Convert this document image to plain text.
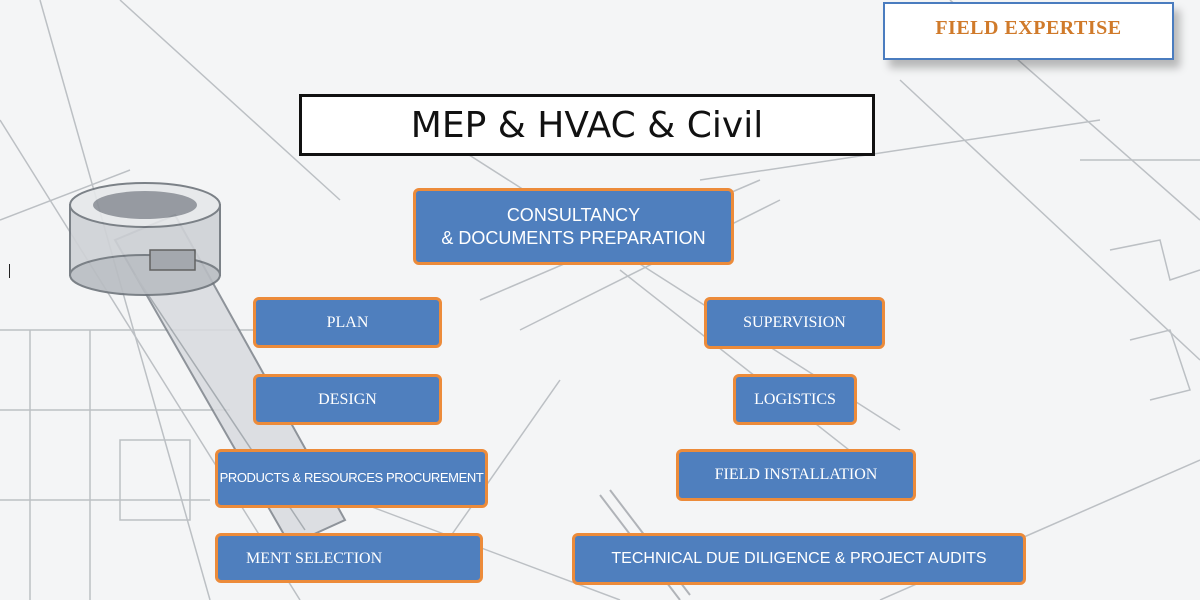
FIELD EXPERTISE
MEP & HVAC & Civil
CONSULTANCY
& DOCUMENTS PREPARATION
PLAN
DESIGN
PRODUCTS & RESOURCES PROCUREMENT
MENT SELECTION
SUPERVISION
LOGISTICS
FIELD INSTALLATION
TECHNICAL DUE DILIGENCE & PROJECT AUDITS
